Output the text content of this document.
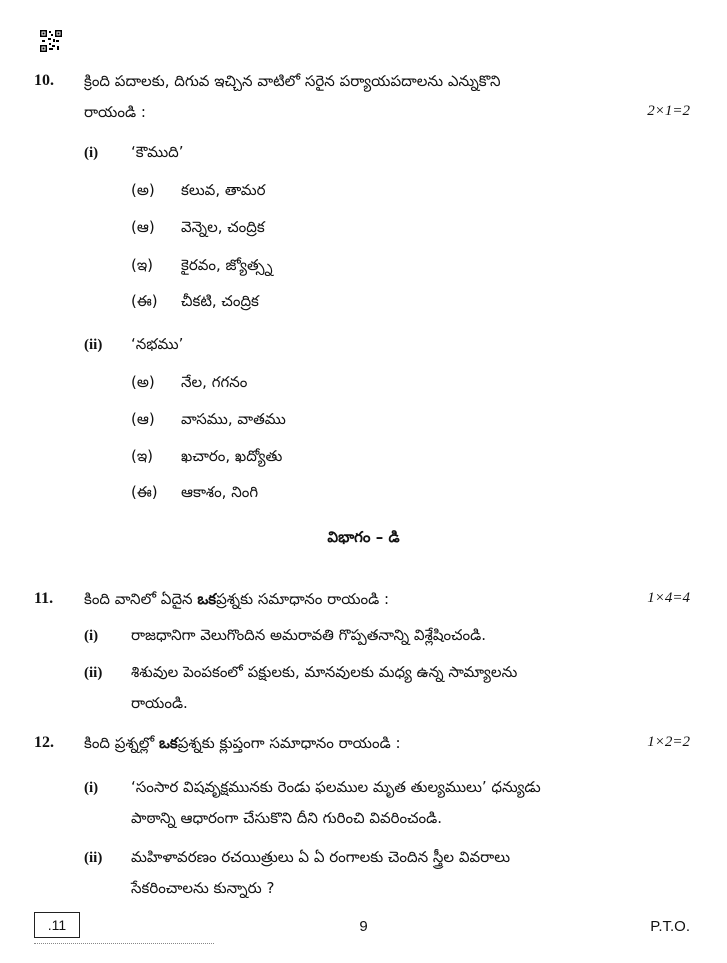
10. క్రింది పదాలకు, దిగువ ఇచ్చిన వాటిలో సరైన పర్యాయపదాలను ఎన్నుకొని
రాయండి :	2×1=2
(i) ‘కౌముది’
(అ) కలువ, తామర
(ఆ) వెన్నెల, చంద్రిక
(ఇ) కైరవం, జ్యోత్స్న
(ఈ) చీకటి, చంద్రిక
(ii) ‘నభము’
(అ) నేల, గగనం
(ఆ) వాసము, వాతము
(ఇ) ఖచారం, ఖద్యోతు
(ఈ) ఆకాశం, నింగి
విభాగం – డి
11. కింది వానిలో ఏదైన ఒకప్రశ్నకు సమాధానం రాయండి :	1×4=4
(i) రాజధానిగా వెలుగొందిన అమరావతి గొప్పతనాన్ని విశ్లేషించండి.
(ii) శిశువుల పెంపకంలో పక్షులకు, మానవులకు మధ్య ఉన్న సామ్యాలను
రాయండి.
12. కింది ప్రశ్నల్లో ఒకప్రశ్నకు క్లుప్తంగా సమాధానం రాయండి :	1×2=2
(i) ‘సంసార విషవృక్షమునకు రెండు ఫలముల మృత తుల్యములు’ ధన్యుడు
పాఠాన్ని ఆధారంగా చేసుకొని దీని గురించి వివరించండి.
(ii) మహిళావరణం రచయిత్రులు ఏ ఏ రంగాలకు చెందిన స్త్రీల వివరాలు
సేకరించాలను కున్నారు ?
.11	9	P.T.O.
